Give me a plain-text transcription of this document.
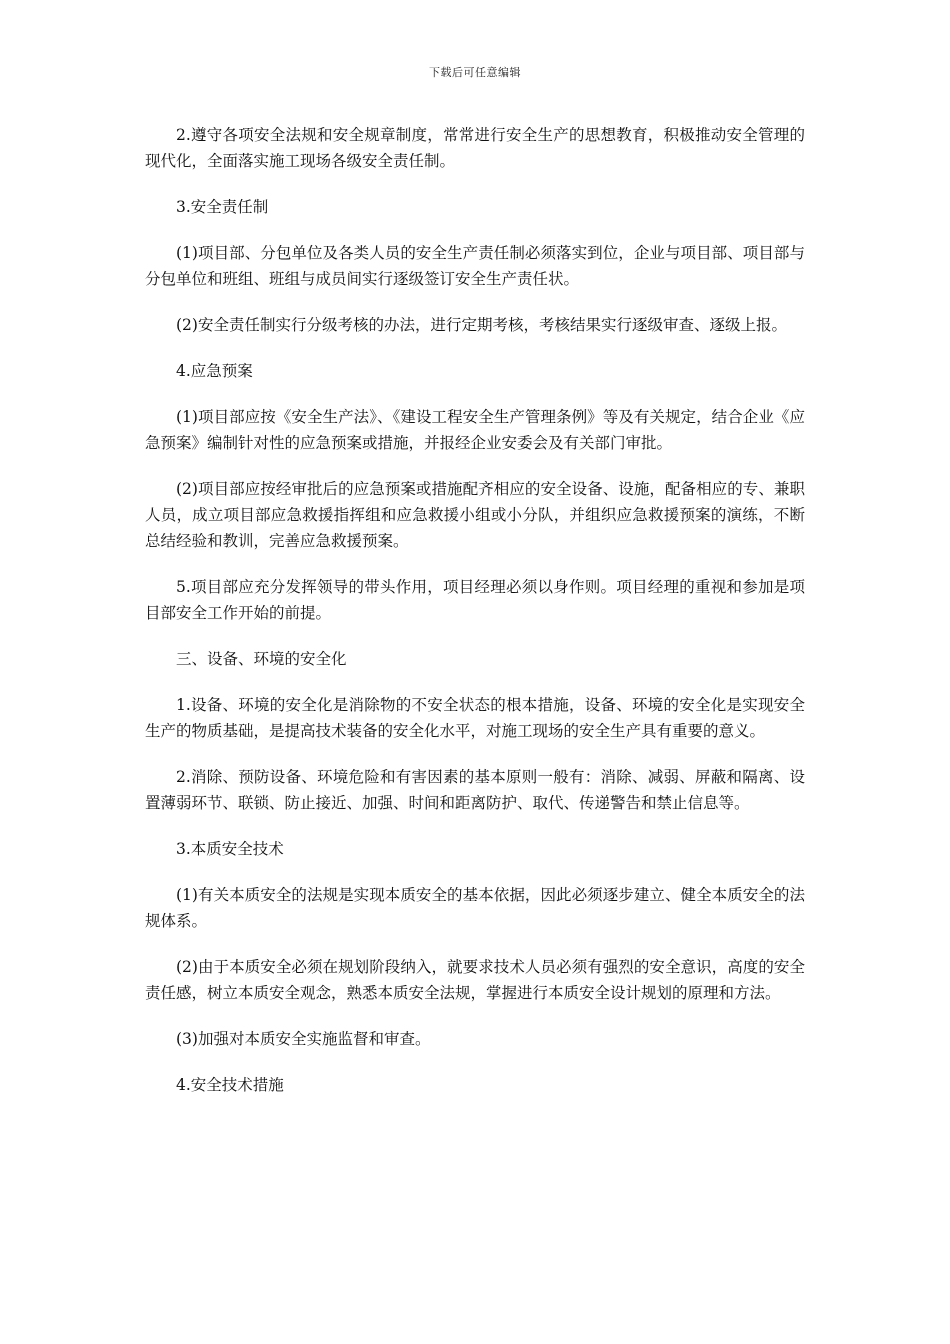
下载后可任意编辑

2.遵守各项安全法规和安全规章制度，常常进行安全生产的思想教育，积极推动安全管理的现代化，全面落实施工现场各级安全责任制。

3.安全责任制

(1)项目部、分包单位及各类人员的安全生产责任制必须落实到位，企业与项目部、项目部与分包单位和班组、班组与成员间实行逐级签订安全生产责任状。

(2)安全责任制实行分级考核的办法，进行定期考核，考核结果实行逐级审查、逐级上报。

4.应急预案

(1)项目部应按《安全生产法》、《建设工程安全生产管理条例》等及有关规定，结合企业《应急预案》编制针对性的应急预案或措施，并报经企业安委会及有关部门审批。

(2)项目部应按经审批后的应急预案或措施配齐相应的安全设备、设施，配备相应的专、兼职人员，成立项目部应急救援指挥组和应急救援小组或小分队，并组织应急救援预案的演练，不断总结经验和教训，完善应急救援预案。

5.项目部应充分发挥领导的带头作用，项目经理必须以身作则。项目经理的重视和参加是项目部安全工作开始的前提。

三、设备、环境的安全化

1.设备、环境的安全化是消除物的不安全状态的根本措施，设备、环境的安全化是实现安全生产的物质基础，是提高技术装备的安全化水平，对施工现场的安全生产具有重要的意义。

2.消除、预防设备、环境危险和有害因素的基本原则一般有：消除、减弱、屏蔽和隔离、设置薄弱环节、联锁、防止接近、加强、时间和距离防护、取代、传递警告和禁止信息等。

3.本质安全技术

(1)有关本质安全的法规是实现本质安全的基本依据，因此必须逐步建立、健全本质安全的法规体系。

(2)由于本质安全必须在规划阶段纳入，就要求技术人员必须有强烈的安全意识，高度的安全责任感，树立本质安全观念，熟悉本质安全法规，掌握进行本质安全设计规划的原理和方法。

(3)加强对本质安全实施监督和审查。

4.安全技术措施
